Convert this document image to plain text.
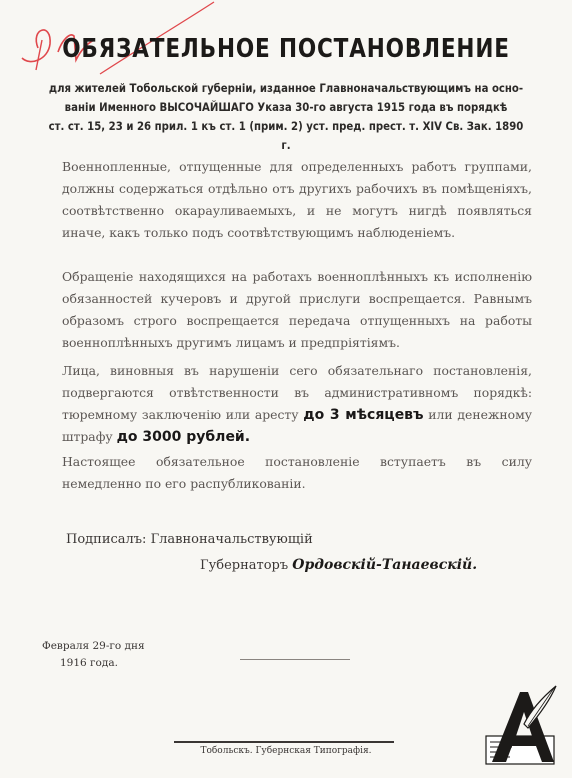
ОБЯЗАТЕЛЬНОЕ ПОСТАНОВЛЕНИЕ
для жителей Тобольской губерніи, изданное Главноначальствующимъ на осно-
ваніи Именного ВЫСОЧАЙШАГО Указа 30-го августа 1915 года въ порядкѣ
ст. ст. 15, 23 и 26 прил. 1 къ ст. 1 (прим. 2) уст. пред. прест. т. XIV Св. Зак. 1890 г.
Военнопленные, отпущенные для определенныхъ работъ группами, должны содержаться отдѣльно отъ другихъ рабочихъ въ помѣщеніяхъ, соотвѣтственно окарауливаемыхъ, и не могутъ нигдѣ появляться иначе, какъ только подъ соотвѣтствующимъ наблюденіемъ.
Обращеніе находящихся на работахъ военноплѣнныхъ къ исполненію обязанностей кучеровъ и другой прислуги воспрещается. Равнымъ образомъ строго воспрещается передача отпущенныхъ на работы военноплѣнныхъ другимъ лицамъ и предпріятіямъ.
Лица, виновныя въ нарушеніи сего обязательнаго постановленія, подвергаются отвѣтственности въ административномъ порядкѣ: тюремному заключенію или аресту до 3 мѣсяцевъ или денежному штрафу до 3000 рублей.
Настоящее обязательное постановленіе вступаетъ въ силу немедленно по его распубликованіи.
Подписалъ: Главноначальствующій
Губернаторъ Ордовскій-Танаевскій.
Февраля 29-го дня
1916 года.
Тобольскъ. Губернская Типографія.
